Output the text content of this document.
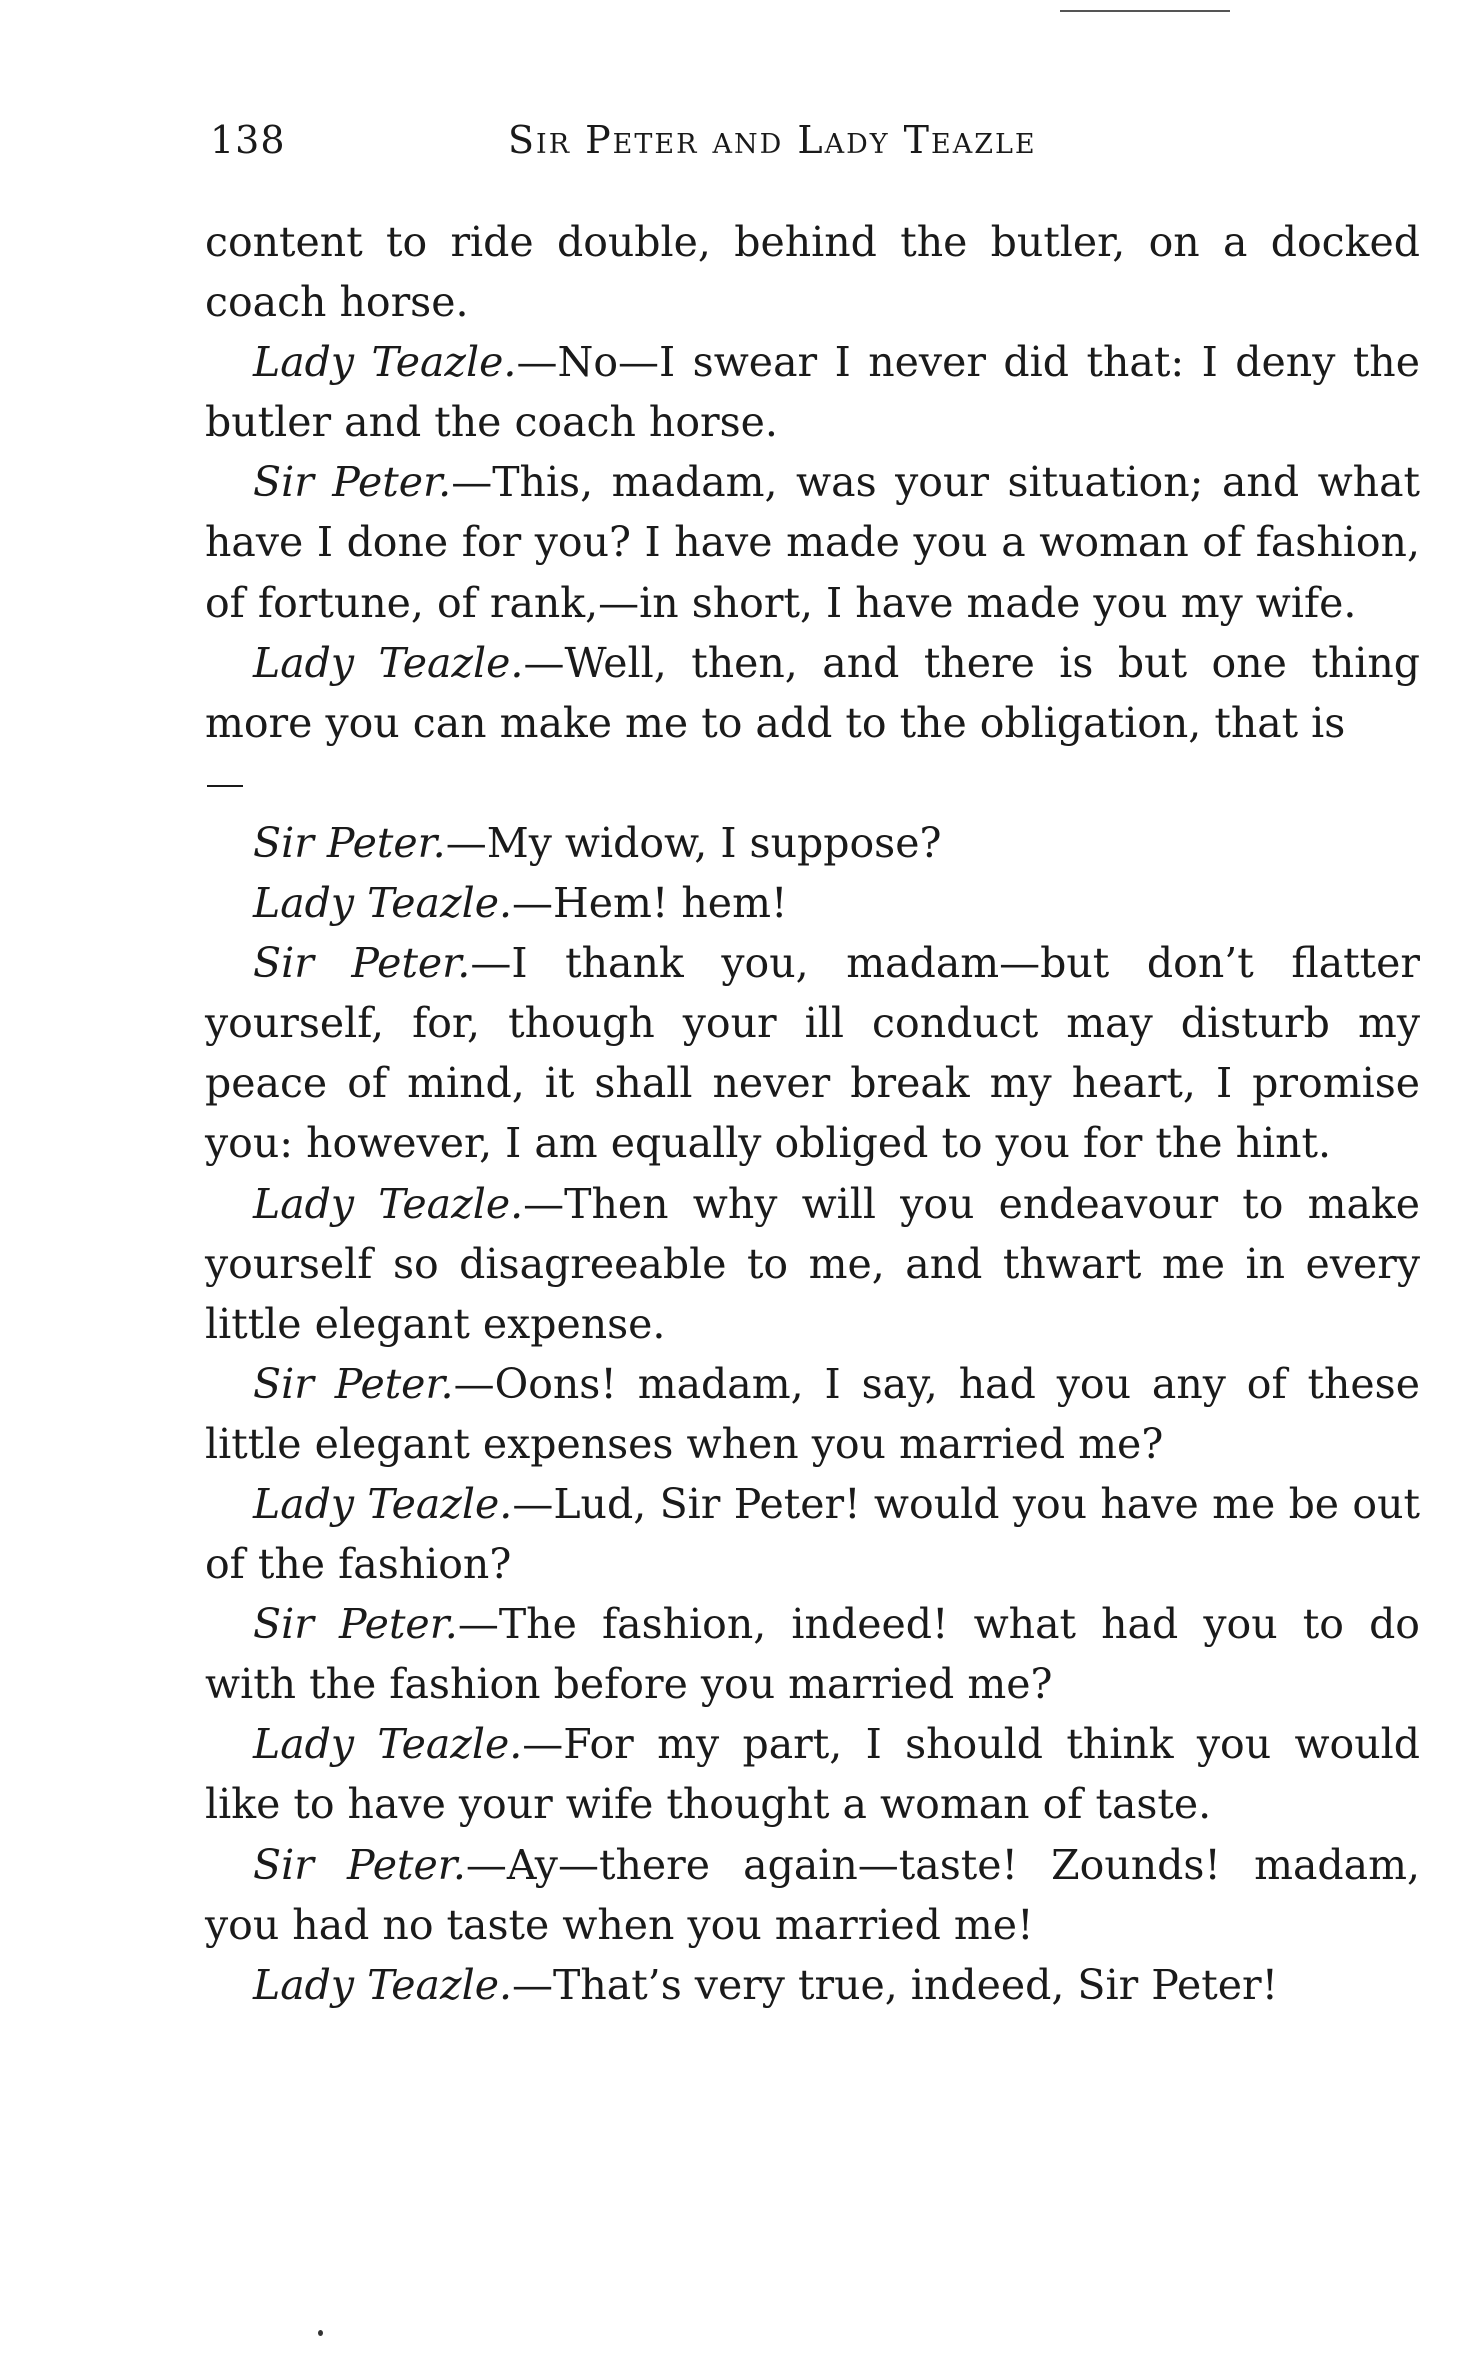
138	Sir Peter and Lady Teazle

content to ride double, behind the butler, on a docked coach horse.

Lady Teazle.—No—I swear I never did that: I deny the butler and the coach horse.

Sir Peter.—This, madam, was your situation; and what have I done for you? I have made you a woman of fashion, of fortune, of rank,—in short, I have made you my wife.

Lady Teazle.—Well, then, and there is but one thing more you can make me to add to the obligation, that is

Sir Peter.—My widow, I suppose?

Lady Teazle.—Hem! hem!

Sir Peter.—I thank you, madam—but don’t flatter yourself, for, though your ill conduct may disturb my peace of mind, it shall never break my heart, I promise you: however, I am equally obliged to you for the hint.

Lady Teazle.—Then why will you endeavour to make yourself so disagreeable to me, and thwart me in every little elegant expense.

Sir Peter.—Oons! madam, I say, had you any of these little elegant expenses when you married me?

Lady Teazle.—Lud, Sir Peter! would you have me be out of the fashion?

Sir Peter.—The fashion, indeed! what had you to do with the fashion before you married me?

Lady Teazle.—For my part, I should think you would like to have your wife thought a woman of taste.

Sir Peter.—Ay—there again—taste! Zounds! madam, you had no taste when you married me!

Lady Teazle.—That’s very true, indeed, Sir Peter!
